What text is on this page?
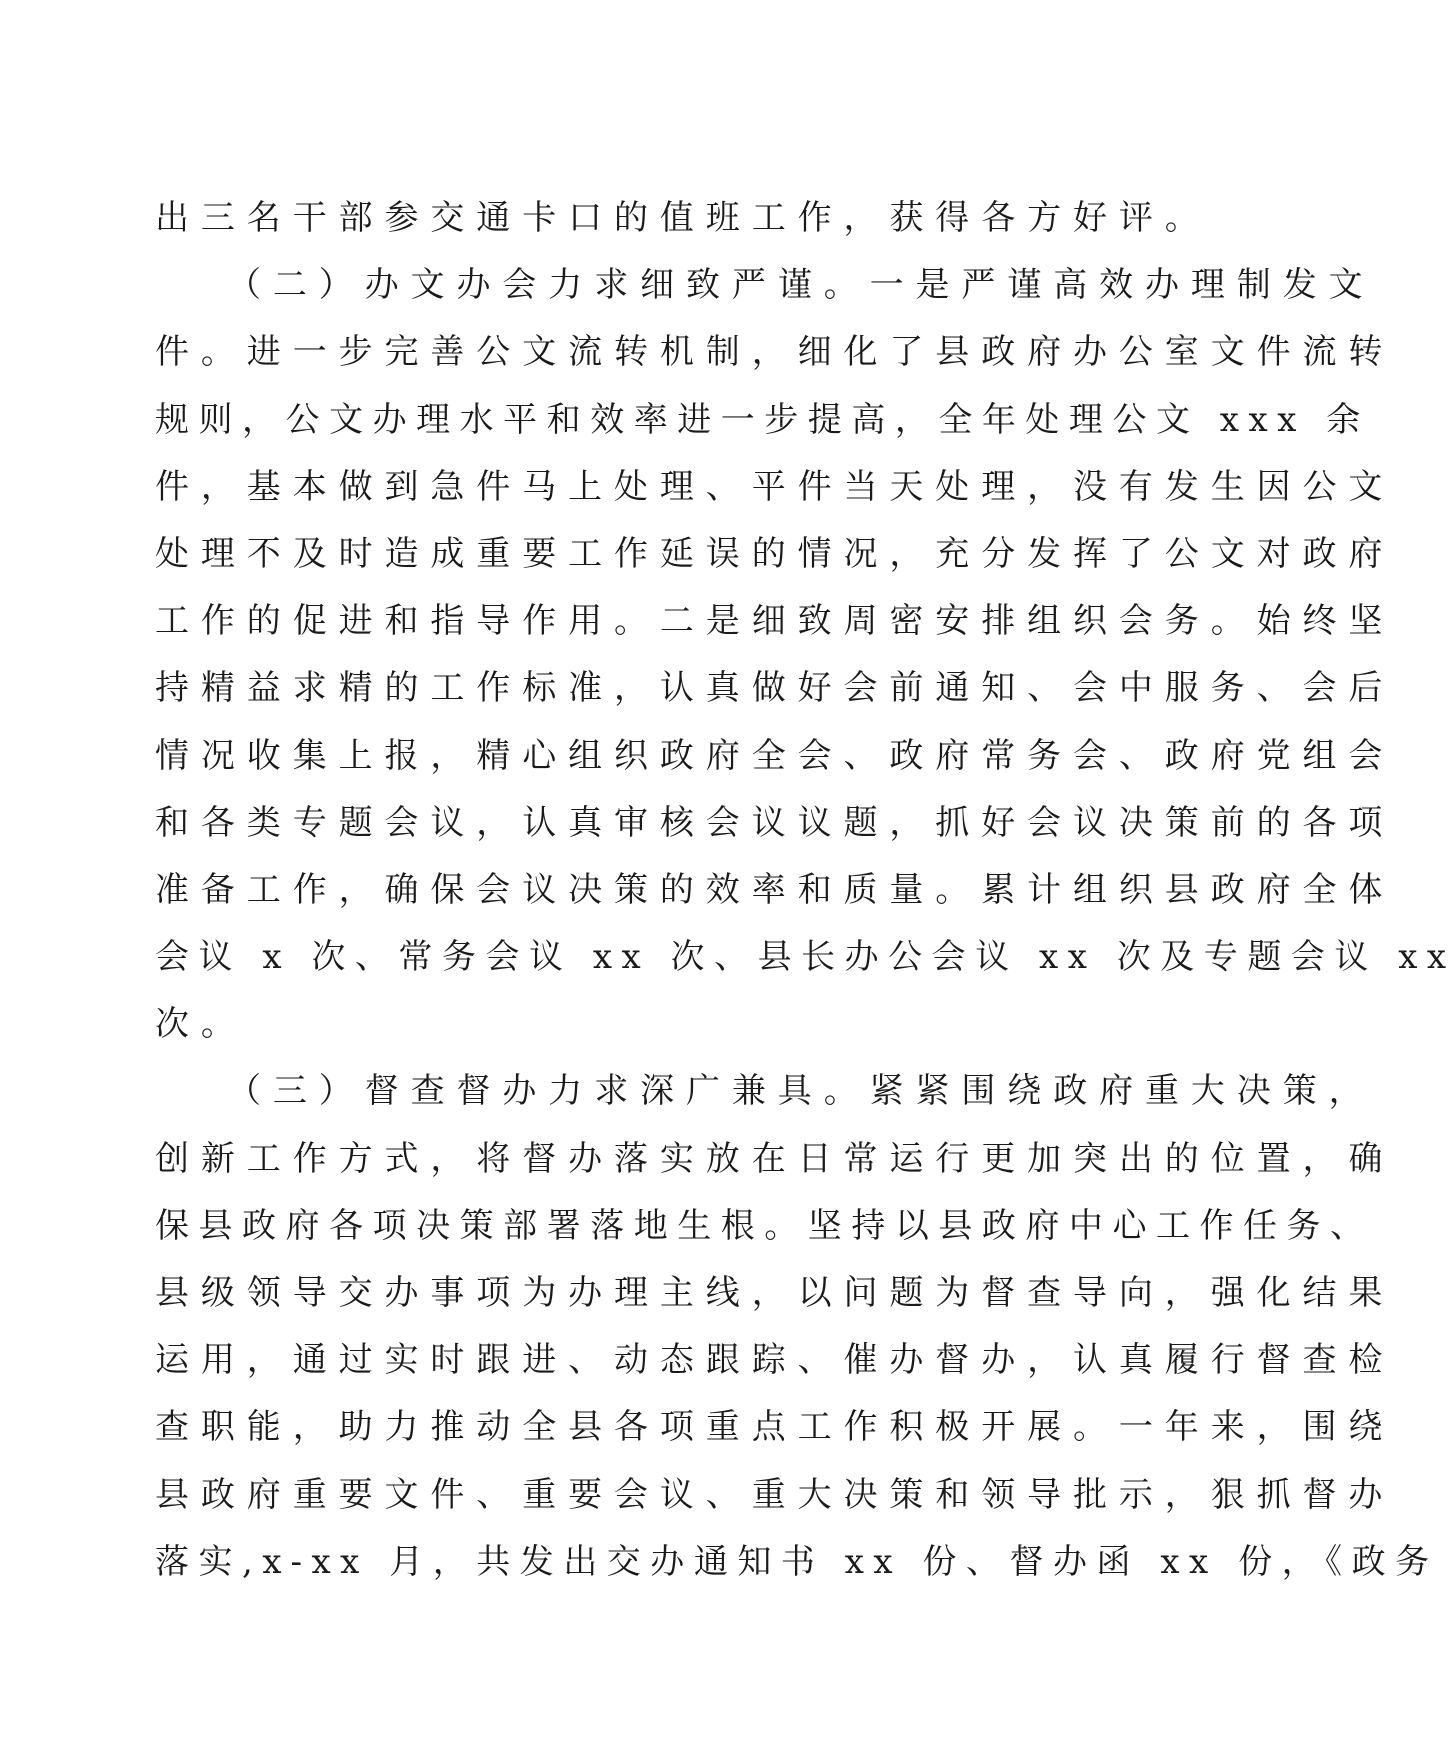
出三名干部参交通卡口的值班工作，获得各方好评。
（二）办文办会力求细致严谨。一是严谨高效办理制发文
件。进一步完善公文流转机制，细化了县政府办公室文件流转
规则，公文办理水平和效率进一步提高，全年处理公文 xxx 余
件，基本做到急件马上处理、平件当天处理，没有发生因公文
处理不及时造成重要工作延误的情况，充分发挥了公文对政府
工作的促进和指导作用。二是细致周密安排组织会务。始终坚
持精益求精的工作标准，认真做好会前通知、会中服务、会后
情况收集上报，精心组织政府全会、政府常务会、政府党组会
和各类专题会议，认真审核会议议题，抓好会议决策前的各项
准备工作，确保会议决策的效率和质量。累计组织县政府全体
会议 x 次、常务会议 xx 次、县长办公会议 xx 次及专题会议 xx
次。
（三）督查督办力求深广兼具。紧紧围绕政府重大决策，
创新工作方式，将督办落实放在日常运行更加突出的位置，确
保县政府各项决策部署落地生根。坚持以县政府中心工作任务、
县级领导交办事项为办理主线，以问题为督查导向，强化结果
运用，通过实时跟进、动态跟踪、催办督办，认真履行督查检
查职能，助力推动全县各项重点工作积极开展。一年来，围绕
县政府重要文件、重要会议、重大决策和领导批示，狠抓督办
落实,x-xx 月，共发出交办通知书 xx 份、督办函 xx 份，《政务
